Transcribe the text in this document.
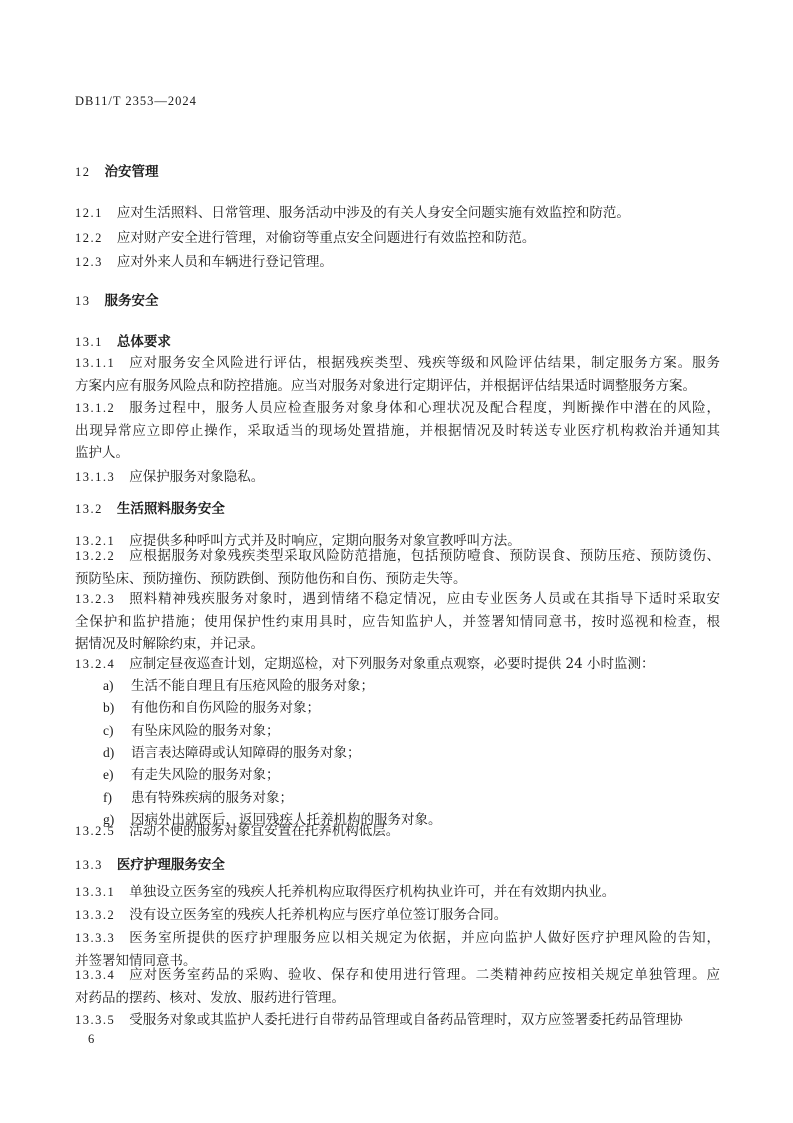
DB11/T 2353—2024
12 治安管理
12.1 应对生活照料、日常管理、服务活动中涉及的有关人身安全问题实施有效监控和防范。
12.2 应对财产安全进行管理，对偷窃等重点安全问题进行有效监控和防范。
12.3 应对外来人员和车辆进行登记管理。
13 服务安全
13.1 总体要求
13.1.1 应对服务安全风险进行评估，根据残疾类型、残疾等级和风险评估结果，制定服务方案。服务
方案内应有服务风险点和防控措施。应当对服务对象进行定期评估，并根据评估结果适时调整服务方案。
13.1.2 服务过程中，服务人员应检查服务对象身体和心理状况及配合程度，判断操作中潜在的风险，
出现异常应立即停止操作，采取适当的现场处置措施，并根据情况及时转送专业医疗机构救治并通知其
监护人。
13.1.3 应保护服务对象隐私。
13.2 生活照料服务安全
13.2.1 应提供多种呼叫方式并及时响应，定期向服务对象宣教呼叫方法。
13.2.2 应根据服务对象残疾类型采取风险防范措施，包括预防噎食、预防误食、预防压疮、预防烫伤、
预防坠床、预防撞伤、预防跌倒、预防他伤和自伤、预防走失等。
13.2.3 照料精神残疾服务对象时，遇到情绪不稳定情况，应由专业医务人员或在其指导下适时采取安
全保护和监护措施；使用保护性约束用具时，应告知监护人，并签署知情同意书，按时巡视和检查，根
据情况及时解除约束，并记录。
13.2.4 应制定昼夜巡查计划，定期巡检，对下列服务对象重点观察，必要时提供 24 小时监测：
a) 生活不能自理且有压疮风险的服务对象；
b) 有他伤和自伤风险的服务对象；
c) 有坠床风险的服务对象；
d) 语言表达障碍或认知障碍的服务对象；
e) 有走失风险的服务对象；
f) 患有特殊疾病的服务对象；
g) 因病外出就医后，返回残疾人托养机构的服务对象。
13.2.5 活动不便的服务对象宜安置在托养机构低层。
13.3 医疗护理服务安全
13.3.1 单独设立医务室的残疾人托养机构应取得医疗机构执业许可，并在有效期内执业。
13.3.2 没有设立医务室的残疾人托养机构应与医疗单位签订服务合同。
13.3.3 医务室所提供的医疗护理服务应以相关规定为依据，并应向监护人做好医疗护理风险的告知，
并签署知情同意书。
13.3.4 应对医务室药品的采购、验收、保存和使用进行管理。二类精神药应按相关规定单独管理。应
对药品的摆药、核对、发放、服药进行管理。
13.3.5 受服务对象或其监护人委托进行自带药品管理或自备药品管理时，双方应签署委托药品管理协
6
